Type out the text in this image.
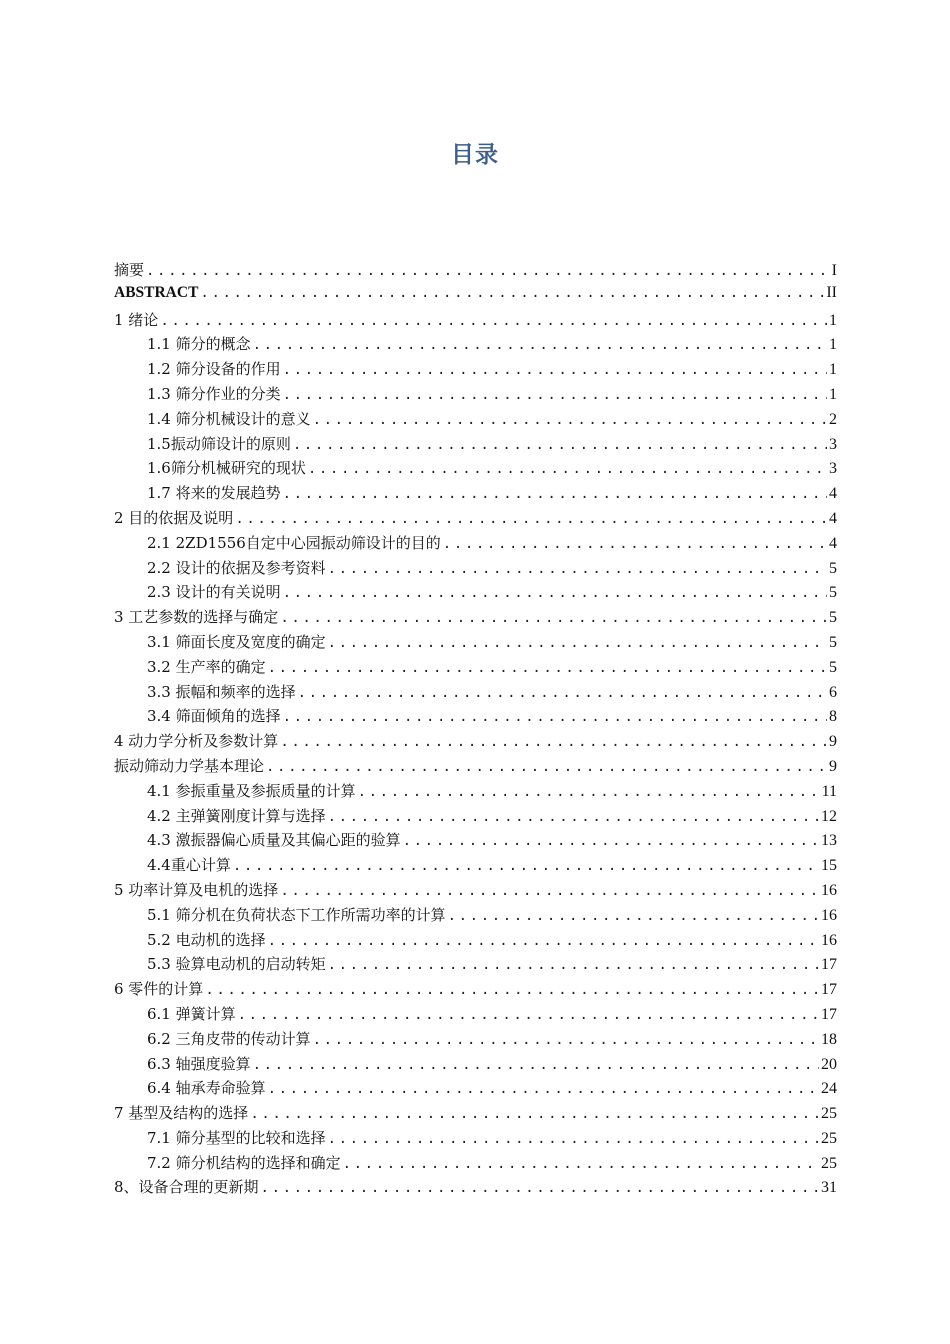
目录
摘要 .....	I
ABSTRACT .....	II
1 绪论 .....	1
1.1 筛分的概念 .....	1
1.2 筛分设备的作用 .....	1
1.3 筛分作业的分类 .....	1
1.4 筛分机械设计的意义 .....	2
1.5振动筛设计的原则 .....	3
1.6筛分机械研究的现状 .....	3
1.7 将来的发展趋势 .....	4
2 目的依据及说明 .....	4
2.1 2ZD1556自定中心园振动筛设计的目的 .....	4
2.2 设计的依据及参考资料 .....	5
2.3 设计的有关说明 .....	5
3 工艺参数的选择与确定 .....	5
3.1 筛面长度及宽度的确定 .....	5
3.2 生产率的确定 .....	5
3.3 振幅和频率的选择 .....	6
3.4 筛面倾角的选择 .....	8
4 动力学分析及参数计算 .....	9
振动筛动力学基本理论 .....	9
4.1 参振重量及参振质量的计算 .....	11
4.2 主弹簧刚度计算与选择 .....	12
4.3 激振器偏心质量及其偏心距的验算 .....	13
4.4重心计算 .....	15
5 功率计算及电机的选择 .....	16
5.1 筛分机在负荷状态下工作所需功率的计算 .....	16
5.2 电动机的选择 .....	16
5.3 验算电动机的启动转矩 .....	17
6 零件的计算 .....	17
6.1 弹簧计算 .....	17
6.2 三角皮带的传动计算 .....	18
6.3 轴强度验算 .....	20
6.4 轴承寿命验算 .....	24
7 基型及结构的选择 .....	25
7.1 筛分基型的比较和选择 .....	25
7.2 筛分机结构的选择和确定 .....	25
8、设备合理的更新期 .....	31
